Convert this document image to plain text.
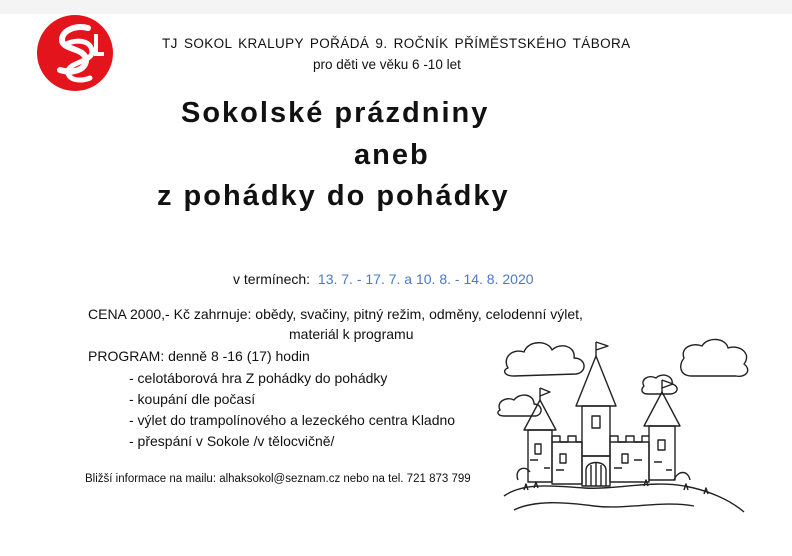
TJ SOKOL KRALUPY POŘÁDÁ 9. ROČNÍK PŘÍMĚSTSKÉHO TÁBORA
pro děti ve věku 6 -10 let
Sokolské prázdniny
aneb
z pohádky do pohádky
v termínech: 13. 7. - 17. 7. a 10. 8. - 14. 8. 2020
CENA 2000,- Kč zahrnuje: obědy, svačiny, pitný režim, odměny, celodenní výlet,
materiál k programu
PROGRAM: denně 8 -16 (17) hodin
- celotáborová hra Z pohádky do pohádky
- koupání dle počasí
- výlet do trampolínového a lezeckého centra Kladno
- přespání v Sokole /v tělocvičně/
Bližší informace na mailu: alhaksokol@seznam.cz nebo na tel. 721 873 799
